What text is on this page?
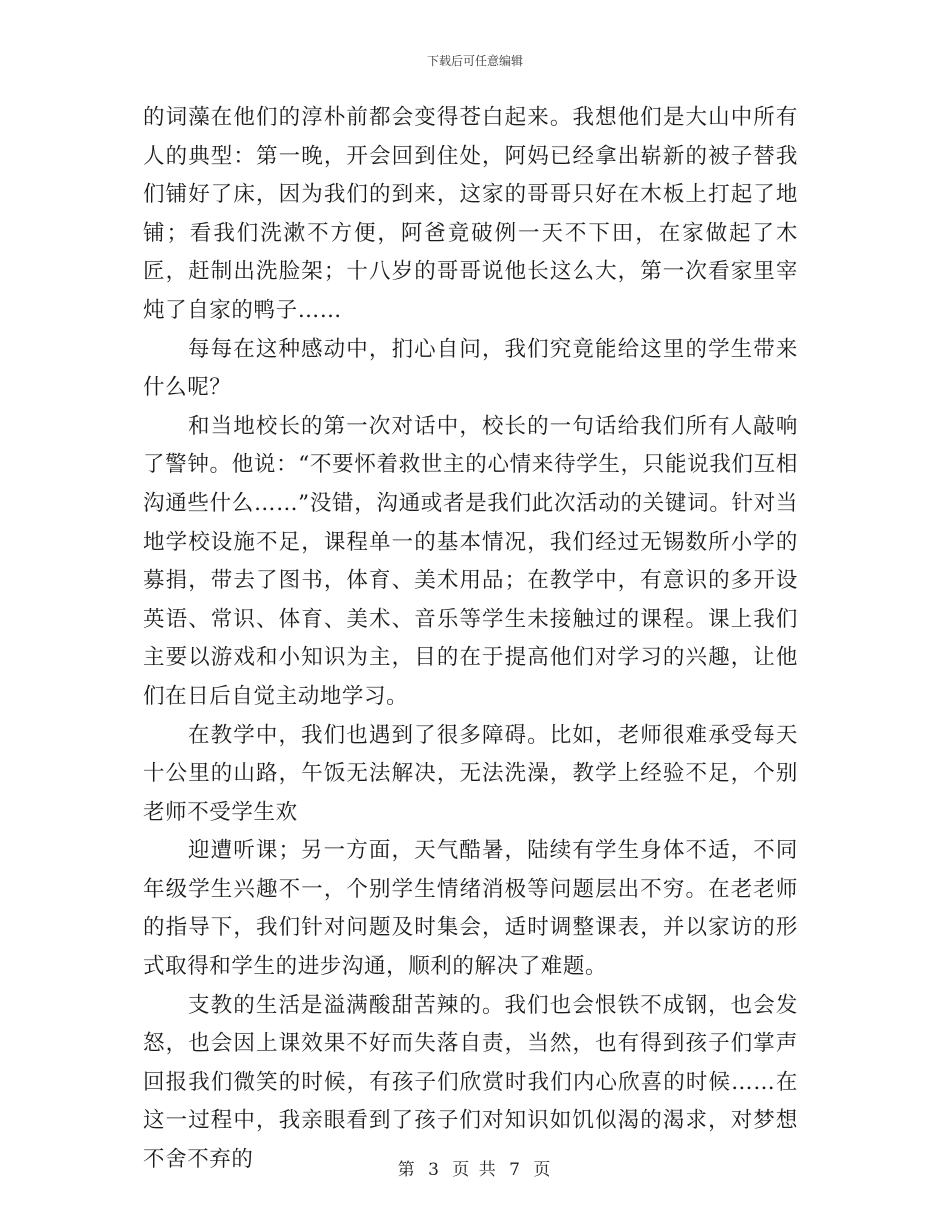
下载后可任意编辑

的词藻在他们的淳朴前都会变得苍白起来。我想他们是大山中所有人的典型：第一晚，开会回到住处，阿妈已经拿出崭新的被子替我们铺好了床，因为我们的到来，这家的哥哥只好在木板上打起了地铺；看我们洗漱不方便，阿爸竟破例一天不下田，在家做起了木匠，赶制出洗脸架；十八岁的哥哥说他长这么大，第一次看家里宰炖了自家的鸭子……

每每在这种感动中，扪心自问，我们究竟能给这里的学生带来什么呢？

和当地校长的第一次对话中，校长的一句话给我们所有人敲响了警钟。他说：“不要怀着救世主的心情来待学生，只能说我们互相沟通些什么……”没错，沟通或者是我们此次活动的关键词。针对当地学校设施不足，课程单一的基本情况，我们经过无锡数所小学的募捐，带去了图书，体育、美术用品；在教学中，有意识的多开设英语、常识、体育、美术、音乐等学生未接触过的课程。课上我们主要以游戏和小知识为主，目的在于提高他们对学习的兴趣，让他们在日后自觉主动地学习。

在教学中，我们也遇到了很多障碍。比如，老师很难承受每天十公里的山路，午饭无法解决，无法洗澡，教学上经验不足，个别老师不受学生欢

迎遭听课；另一方面，天气酷暑，陆续有学生身体不适，不同年级学生兴趣不一，个别学生情绪消极等问题层出不穷。在老老师的指导下，我们针对问题及时集会，适时调整课表，并以家访的形式取得和学生的进步沟通，顺利的解决了难题。

支教的生活是溢满酸甜苦辣的。我们也会恨铁不成钢，也会发怒，也会因上课效果不好而失落自责，当然，也有得到孩子们掌声回报我们微笑的时候，有孩子们欣赏时我们内心欣喜的时候……在这一过程中，我亲眼看到了孩子们对知识如饥似渴的渴求，对梦想不舍不弃的	第 3 页 共 7 页
